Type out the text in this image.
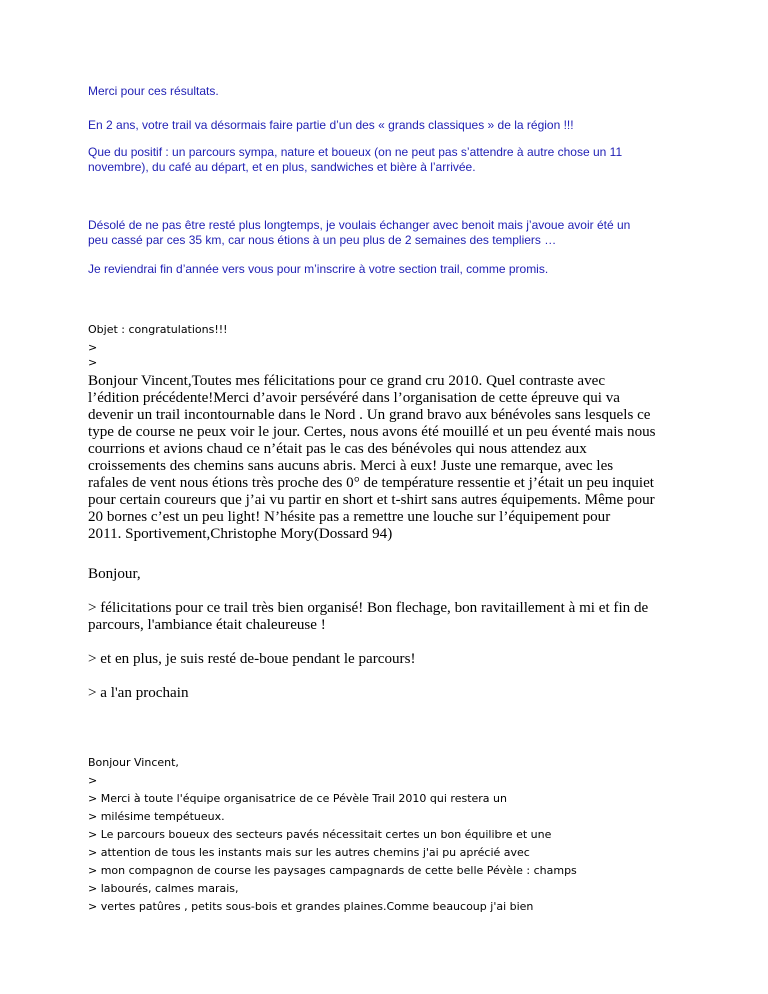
Merci pour ces résultats.

En 2 ans, votre trail va désormais faire partie d’un des « grands classiques » de la région !!!

Que du positif : un parcours sympa, nature et boueux (on ne peut pas s’attendre à autre chose un 11
novembre), du café au départ, et en plus, sandwiches et bière à l’arrivée.

Désolé de ne pas être resté plus longtemps, je voulais échanger avec benoit mais j’avoue avoir été un
peu cassé par ces 35 km, car nous étions à un peu plus de 2 semaines des templiers …

Je reviendrai fin d’année vers vous pour m’inscrire à votre section trail, comme promis.

Objet : congratulations!!!

>

>

Bonjour Vincent,Toutes mes félicitations pour ce grand cru 2010. Quel contraste avec
l’édition précédente!Merci d’avoir persévéré dans l’organisation de cette épreuve qui va
devenir un trail incontournable dans le Nord . Un grand bravo aux bénévoles sans lesquels ce
type de course ne peux voir le jour. Certes, nous avons été mouillé et un peu éventé mais nous
courrions et avions chaud ce n’était pas le cas des bénévoles qui nous attendez aux
croissements des chemins sans aucuns abris. Merci à eux! Juste une remarque, avec les
rafales de vent nous étions très proche des 0° de température ressentie et j’était un peu inquiet
pour certain coureurs que j’ai vu partir en short et t-shirt sans autres équipements. Même pour
20 bornes c’est un peu light! N’hésite pas a remettre une louche sur l’équipement pour
2011. Sportivement,Christophe Mory(Dossard 94)

Bonjour,

> félicitations pour ce trail très bien organisé! Bon flechage, bon ravitaillement à mi et fin de
parcours, l'ambiance était chaleureuse !

> et en plus, je suis resté de-boue pendant le parcours!

> a l'an prochain

Bonjour Vincent,
>
> Merci à toute l'équipe organisatrice de ce Pévèle Trail 2010 qui restera un
> milésime tempétueux.
> Le parcours boueux des secteurs pavés nécessitait certes un bon équilibre et une
> attention de tous les instants mais sur les autres chemins j'ai pu aprécié avec
> mon compagnon de course les paysages campagnards de cette belle Pévèle : champs
> labourés, calmes marais,
> vertes patûres , petits sous-bois et grandes plaines.Comme beaucoup j'ai bien
